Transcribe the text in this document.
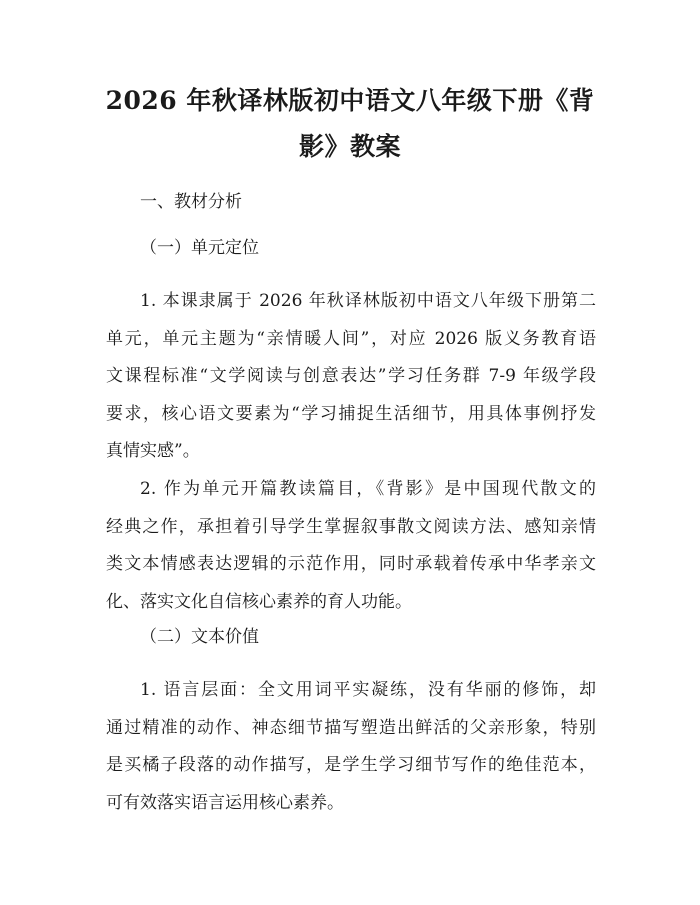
2026 年秋译林版初中语文八年级下册《背
影》教案

一、教材分析

（一）单元定位

1. 本课隶属于 2026 年秋译林版初中语文八年级下册第二
单元，单元主题为“亲情暖人间”，对应 2026 版义务教育语
文课程标准“文学阅读与创意表达”学习任务群 7-9 年级学段
要求，核心语文要素为“学习捕捉生活细节，用具体事例抒发
真情实感”。
2. 作为单元开篇教读篇目，《背影》是中国现代散文的
经典之作，承担着引导学生掌握叙事散文阅读方法、感知亲情
类文本情感表达逻辑的示范作用，同时承载着传承中华孝亲文
化、落实文化自信核心素养的育人功能。

（二）文本价值

1. 语言层面：全文用词平实凝练，没有华丽的修饰，却
通过精准的动作、神态细节描写塑造出鲜活的父亲形象，特别
是买橘子段落的动作描写，是学生学习细节写作的绝佳范本，
可有效落实语言运用核心素养。
